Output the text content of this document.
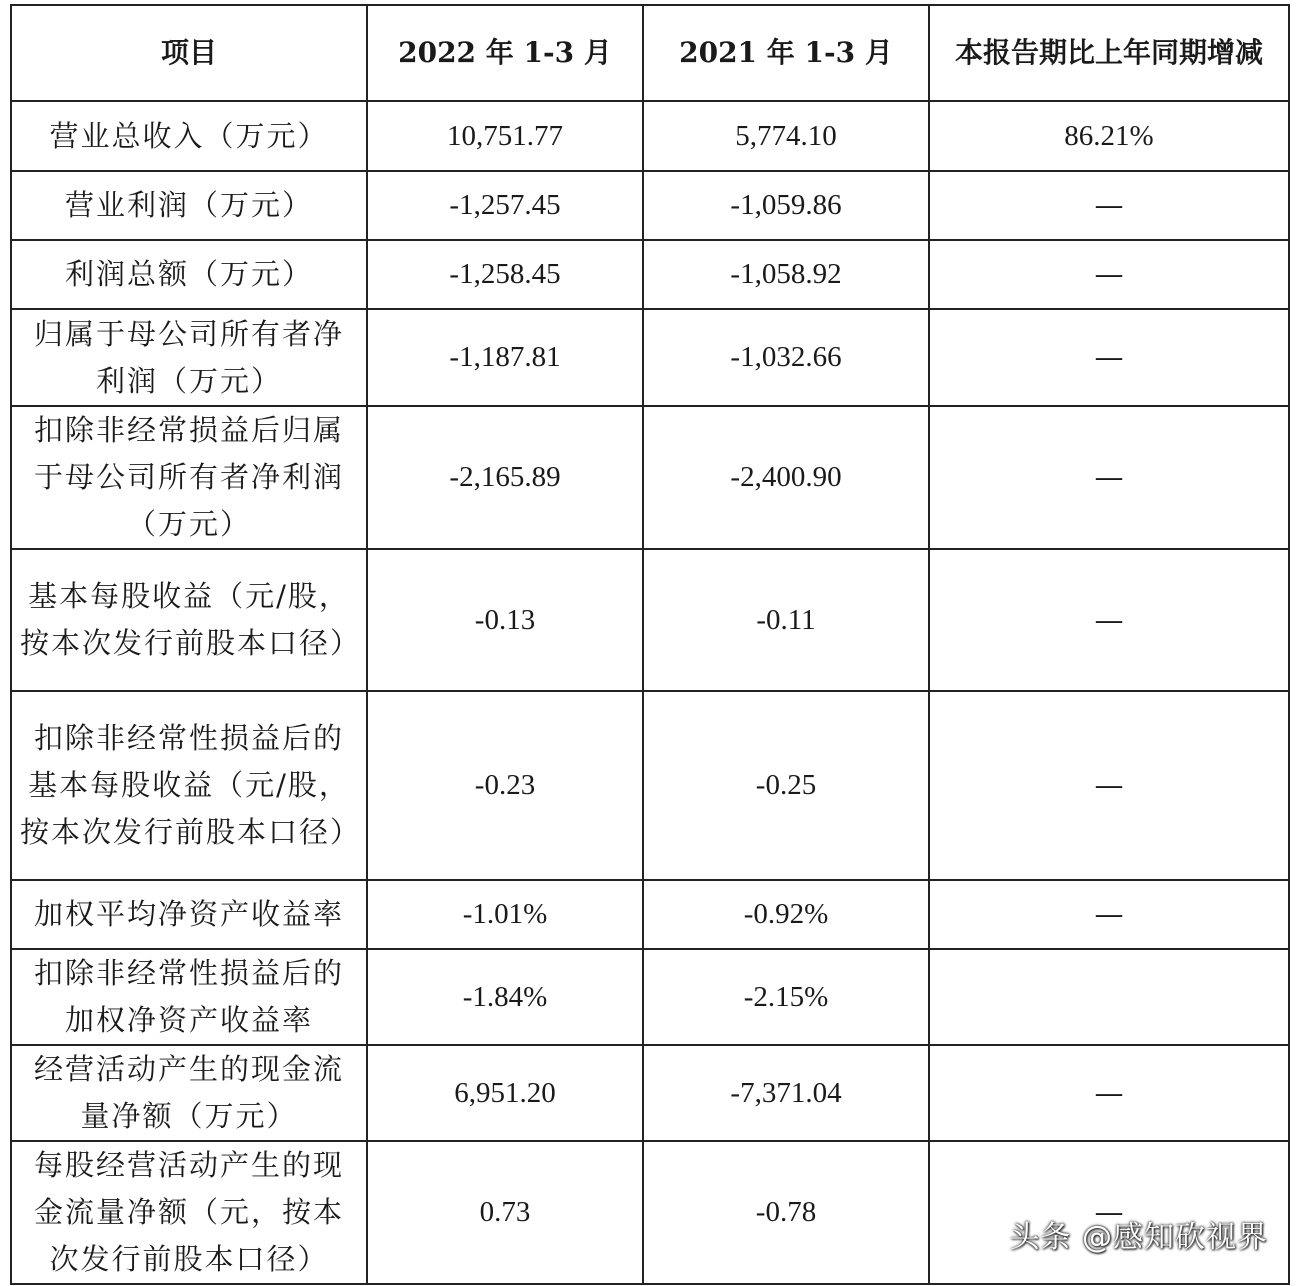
项目	2022 年 1-3 月	2021 年 1-3 月	本报告期比上年同期增减
营业总收入（万元）	10,751.77	5,774.10	86.21%
营业利润（万元）	-1,257.45	-1,059.86	—
利润总额（万元）	-1,258.45	-1,058.92	—
归属于母公司所有者净利润（万元）	-1,187.81	-1,032.66	—
扣除非经常损益后归属于母公司所有者净利润（万元）	-2,165.89	-2,400.90	—
基本每股收益（元/股，按本次发行前股本口径）	-0.13	-0.11	—
扣除非经常性损益后的基本每股收益（元/股，按本次发行前股本口径）	-0.23	-0.25	—
加权平均净资产收益率	-1.01%	-0.92%	—
扣除非经常性损益后的加权净资产收益率	-1.84%	-2.15%	
经营活动产生的现金流量净额（万元）	6,951.20	-7,371.04	—
每股经营活动产生的现金流量净额（元，按本次发行前股本口径）	0.73	-0.78	—
头条 @感知砍视界
